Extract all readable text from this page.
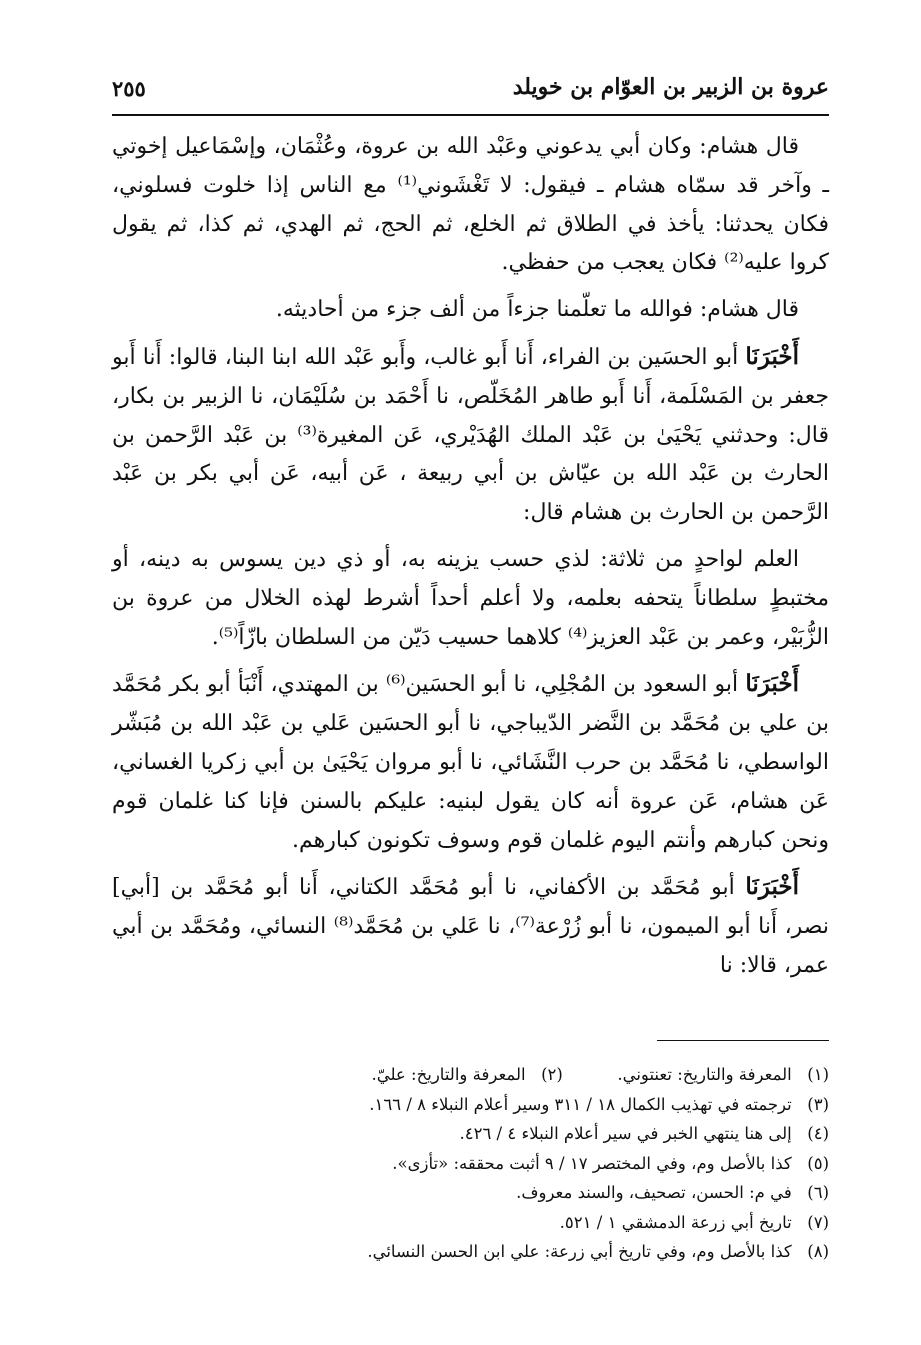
عروة بن الزبير بن العوّام بن خويلد
٢٥٥

قال هشام: وكان أبي يدعوني وعَبْد الله بن عروة، وعُثْمَان، وإسْمَاعيل إخوتي ـ وآخر قد سمّاه هشام ـ فيقول: لا تَغْشَوني⁽¹⁾ مع الناس إذا خلوت فسلوني، فكان يحدثنا: يأخذ في الطلاق ثم الخلع، ثم الحج، ثم الهدي، ثم كذا، ثم يقول كروا عليه⁽²⁾ فكان يعجب من حفظي.

قال هشام: فوالله ما تعلّمنا جزءاً من ألف جزء من أحاديثه.

أَخْبَرَنَا أبو الحسَين بن الفراء، أَنا أَبو غالب، وأَبو عَبْد الله ابنا البنا، قالوا: أَنا أَبو جعفر بن المَسْلَمة، أَنا أَبو طاهر المُخَلّص، نا أَحْمَد بن سُلَيْمَان، نا الزبير بن بكار، قال: وحدثني يَحْيَىٰ بن عَبْد الملك الهُدَيْري، عَن المغيرة⁽³⁾ بن عَبْد الرَّحمن بن الحارث بن عَبْد الله بن عيّاش بن أبي ربيعة ، عَن أبيه، عَن أبي بكر بن عَبْد الرَّحمن بن الحارث بن هشام قال:

العلم لواحدٍ من ثلاثة: لذي حسب يزينه به، أو ذي دين يسوس به دينه، أو مختبطٍ سلطاناً يتحفه بعلمه، ولا أعلم أحداً أشرط لهذه الخلال من عروة بن الزُّبَيْر، وعمر بن عَبْد العزيز⁽⁴⁾ كلاهما حسيب دَيّن من السلطان بازّاً⁽⁵⁾.

أَخْبَرَنَا أبو السعود بن المُجْلِي، نا أبو الحسَين⁽⁶⁾ بن المهتدي، أَنْبَأ أبو بكر مُحَمَّد بن علي بن مُحَمَّد بن النَّضر الدّيباجي، نا أبو الحسَين عَلي بن عَبْد الله بن مُبَشّر الواسطي، نا مُحَمَّد بن حرب النَّشَائي، نا أبو مروان يَحْيَىٰ بن أبي زكريا الغساني، عَن هشام، عَن عروة أنه كان يقول لبنيه: عليكم بالسنن فإنا كنا غلمان قوم ونحن كبارهم وأنتم اليوم غلمان قوم وسوف تكونون كبارهم.

أَخْبَرَنَا أبو مُحَمَّد بن الأكفاني، نا أبو مُحَمَّد الكتاني، أَنا أبو مُحَمَّد بن [أبي] نصر، أَنا أبو الميمون، نا أبو زُرْعة⁽⁷⁾، نا عَلي بن مُحَمَّد⁽⁸⁾ النسائي، ومُحَمَّد بن أبي عمر، قالا: نا

(١) المعرفة والتاريخ: تعنتوني.  (٢) المعرفة والتاريخ: عليّ.
(٣) ترجمته في تهذيب الكمال ١٨ / ٣١١ وسير أعلام النبلاء ٨ / ١٦٦.
(٤) إلى هنا ينتهي الخبر في سير أعلام النبلاء ٤ / ٤٢٦.
(٥) كذا بالأصل وم، وفي المختصر ١٧ / ٩ أثبت محققه: «تأزى».
(٦) في م: الحسن، تصحيف، والسند معروف.
(٧) تاريخ أبي زرعة الدمشقي ١ / ٥٢١.
(٨) كذا بالأصل وم، وفي تاريخ أبي زرعة: علي ابن الحسن النسائي.
